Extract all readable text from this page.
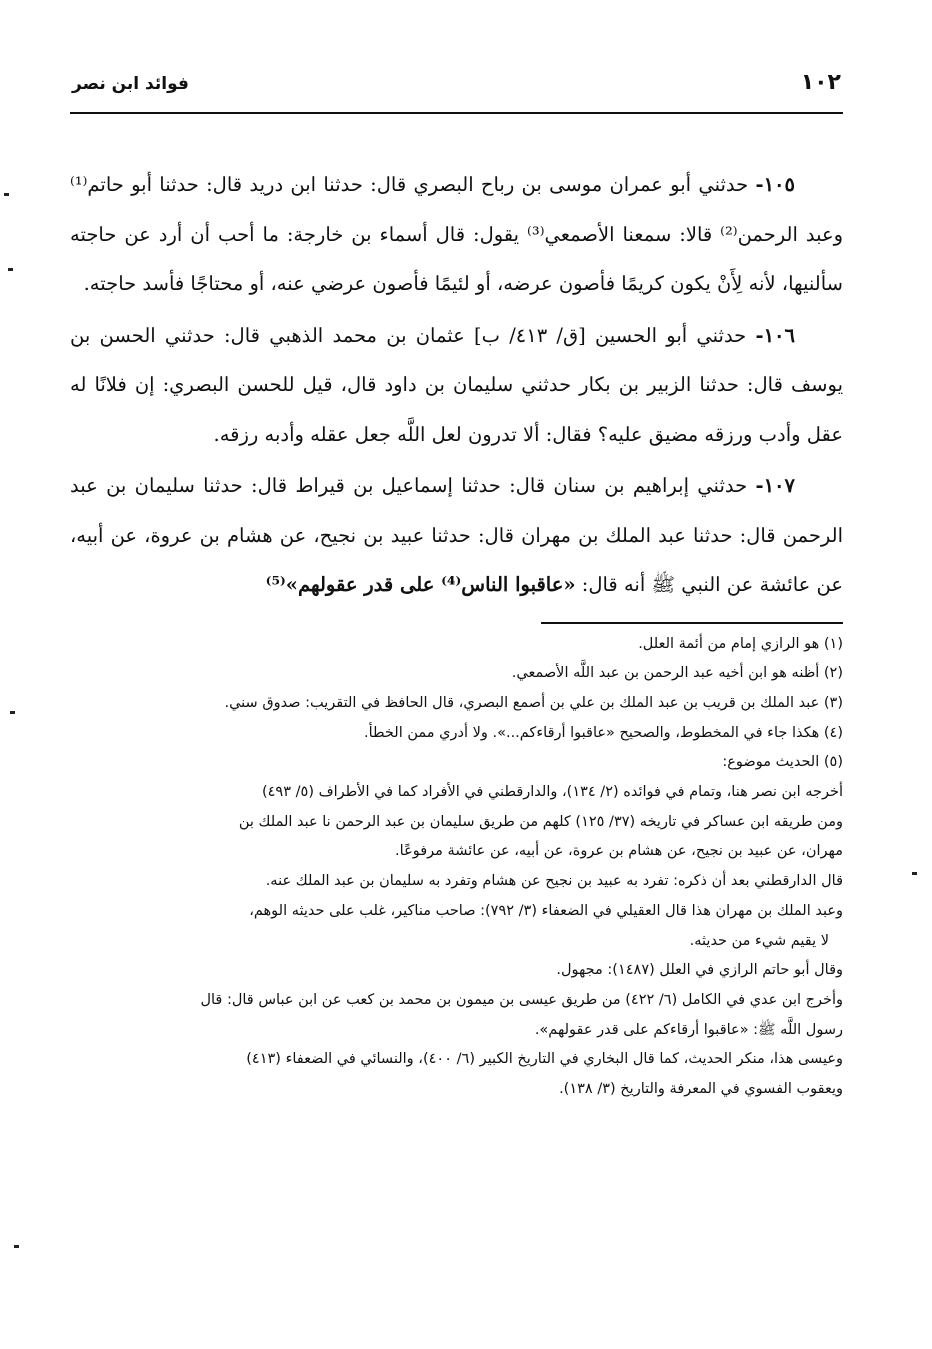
١٠٢
فوائد ابن نصر

١٠٥- حدثني أبو عمران موسى بن رباح البصري قال: حدثنا ابن دريد قال: حدثنا أبو حاتم⁽¹⁾ وعبد الرحمن⁽²⁾ قالا: سمعنا الأصمعي⁽³⁾ يقول: قال أسماء بن خارجة: ما أحب أن أرد عن حاجته سألنيها، لأنه لِأَنْ يكون كريمًا فأصون عرضه، أو لئيمًا فأصون عرضي عنه، أو محتاجًا فأسد حاجته.

١٠٦- حدثني أبو الحسين [ق/ ٤١٣/ ب] عثمان بن محمد الذهبي قال: حدثني الحسن بن يوسف قال: حدثنا الزبير بن بكار حدثني سليمان بن داود قال، قيل للحسن البصري: إن فلانًا له عقل وأدب ورزقه مضيق عليه؟ فقال: ألا تدرون لعل اللَّه جعل عقله وأدبه رزقه.

١٠٧- حدثني إبراهيم بن سنان قال: حدثنا إسماعيل بن قيراط قال: حدثنا سليمان بن عبد الرحمن قال: حدثنا عبد الملك بن مهران قال: حدثنا عبيد بن نجيح، عن هشام بن عروة، عن أبيه، عن عائشة عن النبي ﷺ أنه قال: «عاقبوا الناس⁽⁴⁾ على قدر عقولهم»⁽⁵⁾

(١) هو الرازي إمام من أئمة العلل.

(٢) أظنه هو ابن أخيه عبد الرحمن بن عبد اللَّه الأصمعي.

(٣) عبد الملك بن قريب بن عبد الملك بن علي بن أصمع البصري، قال الحافظ في التقريب: صدوق سني.

(٤) هكذا جاء في المخطوط، والصحيح «عاقبوا أرقاءكم...». ولا أدري ممن الخطأ.

(٥) الحديث موضوع:

أخرجه ابن نصر هنا، وتمام في فوائده (٢/ ١٣٤)، والدارقطني في الأفراد كما في الأطراف (٥/ ٤٩٣)

ومن طريقه ابن عساكر في تاريخه (٣٧/ ١٢٥) كلهم من طريق سليمان بن عبد الرحمن نا عبد الملك بن

مهران، عن عبيد بن نجيح، عن هشام بن عروة، عن أبيه، عن عائشة مرفوعًا.

قال الدارقطني بعد أن ذكره: تفرد به عبيد بن نجيح عن هشام وتفرد به سليمان بن عبد الملك عنه.

وعبد الملك بن مهران هذا قال العقيلي في الضعفاء (٣/ ٧٩٢): صاحب مناكير، غلب على حديثه الوهم،

لا يقيم شيء من حديثه.

وقال أبو حاتم الرازي في العلل (١٤٨٧): مجهول.

وأخرج ابن عدي في الكامل (٦/ ٤٢٢) من طريق عيسى بن ميمون بن محمد بن كعب عن ابن عباس قال: قال

رسول اللَّه ﷺ: «عاقبوا أرقاءكم على قدر عقولهم».

وعيسى هذا، منكر الحديث، كما قال البخاري في التاريخ الكبير (٦/ ٤٠٠)، والنسائي في الضعفاء (٤١٣)

ويعقوب الفسوي في المعرفة والتاريخ (٣/ ١٣٨).
